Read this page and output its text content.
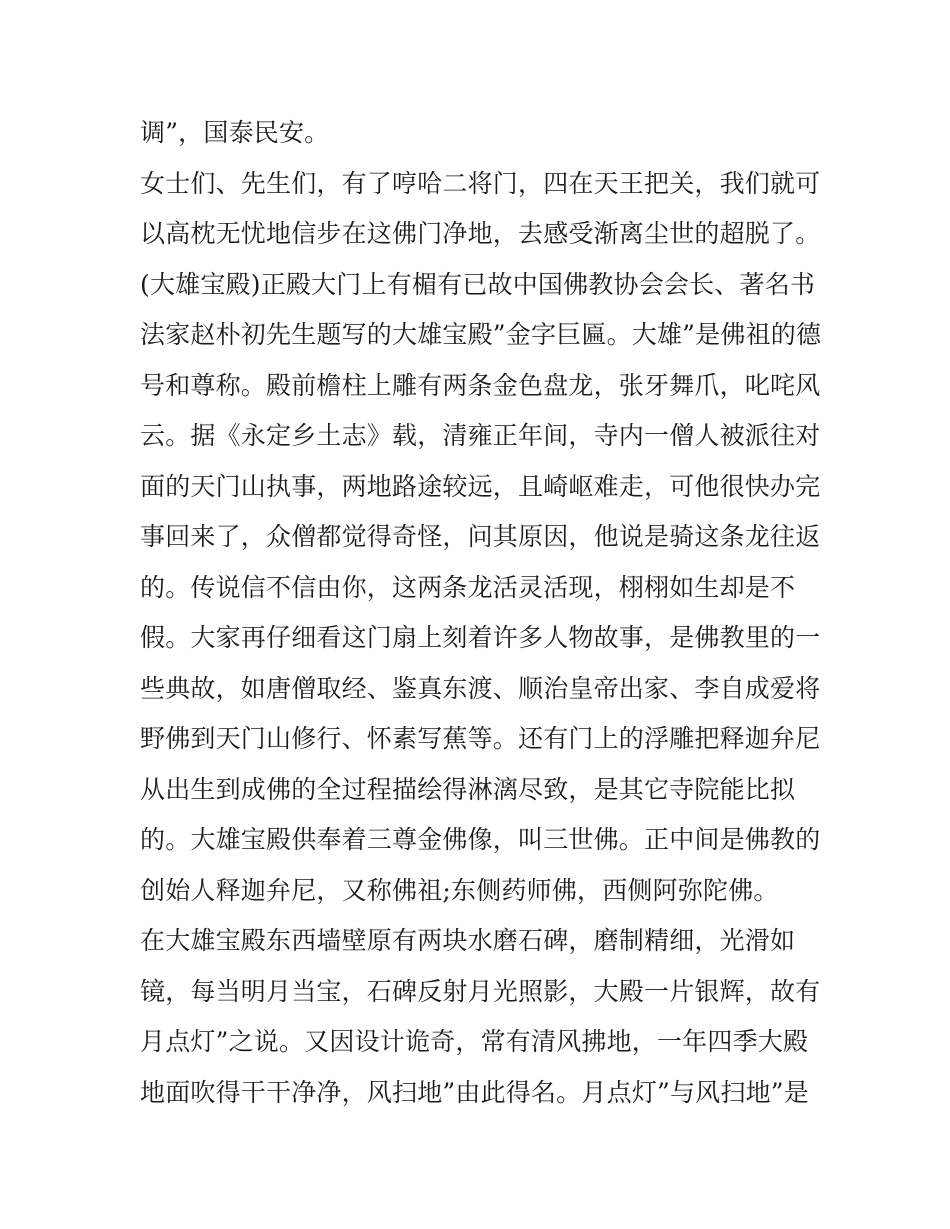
调”，国泰民安。
女士们、先生们，有了哼哈二将门，四在天王把关，我们就可
以高枕无忧地信步在这佛门净地，去感受渐离尘世的超脱了。
(大雄宝殿)正殿大门上有楣有已故中国佛教协会会长、著名书
法家赵朴初先生题写的大雄宝殿”金字巨匾。大雄”是佛祖的德
号和尊称。殿前檐柱上雕有两条金色盘龙，张牙舞爪，叱咤风
云。据《永定乡土志》载，清雍正年间，寺内一僧人被派往对
面的天门山执事，两地路途较远，且崎岖难走，可他很快办完
事回来了，众僧都觉得奇怪，问其原因，他说是骑这条龙往返
的。传说信不信由你，这两条龙活灵活现，栩栩如生却是不
假。大家再仔细看这门扇上刻着许多人物故事，是佛教里的一
些典故，如唐僧取经、鉴真东渡、顺治皇帝出家、李自成爱将
野佛到天门山修行、怀素写蕉等。还有门上的浮雕把释迦弁尼
从出生到成佛的全过程描绘得淋漓尽致，是其它寺院能比拟
的。大雄宝殿供奉着三尊金佛像，叫三世佛。正中间是佛教的
创始人释迦弁尼，又称佛祖;东侧药师佛，西侧阿弥陀佛。
在大雄宝殿东西墙壁原有两块水磨石碑，磨制精细，光滑如
镜，每当明月当宝，石碑反射月光照影，大殿一片银辉，故有
月点灯”之说。又因设计诡奇，常有清风拂地，一年四季大殿
地面吹得干干净净，风扫地”由此得名。月点灯”与风扫地”是
